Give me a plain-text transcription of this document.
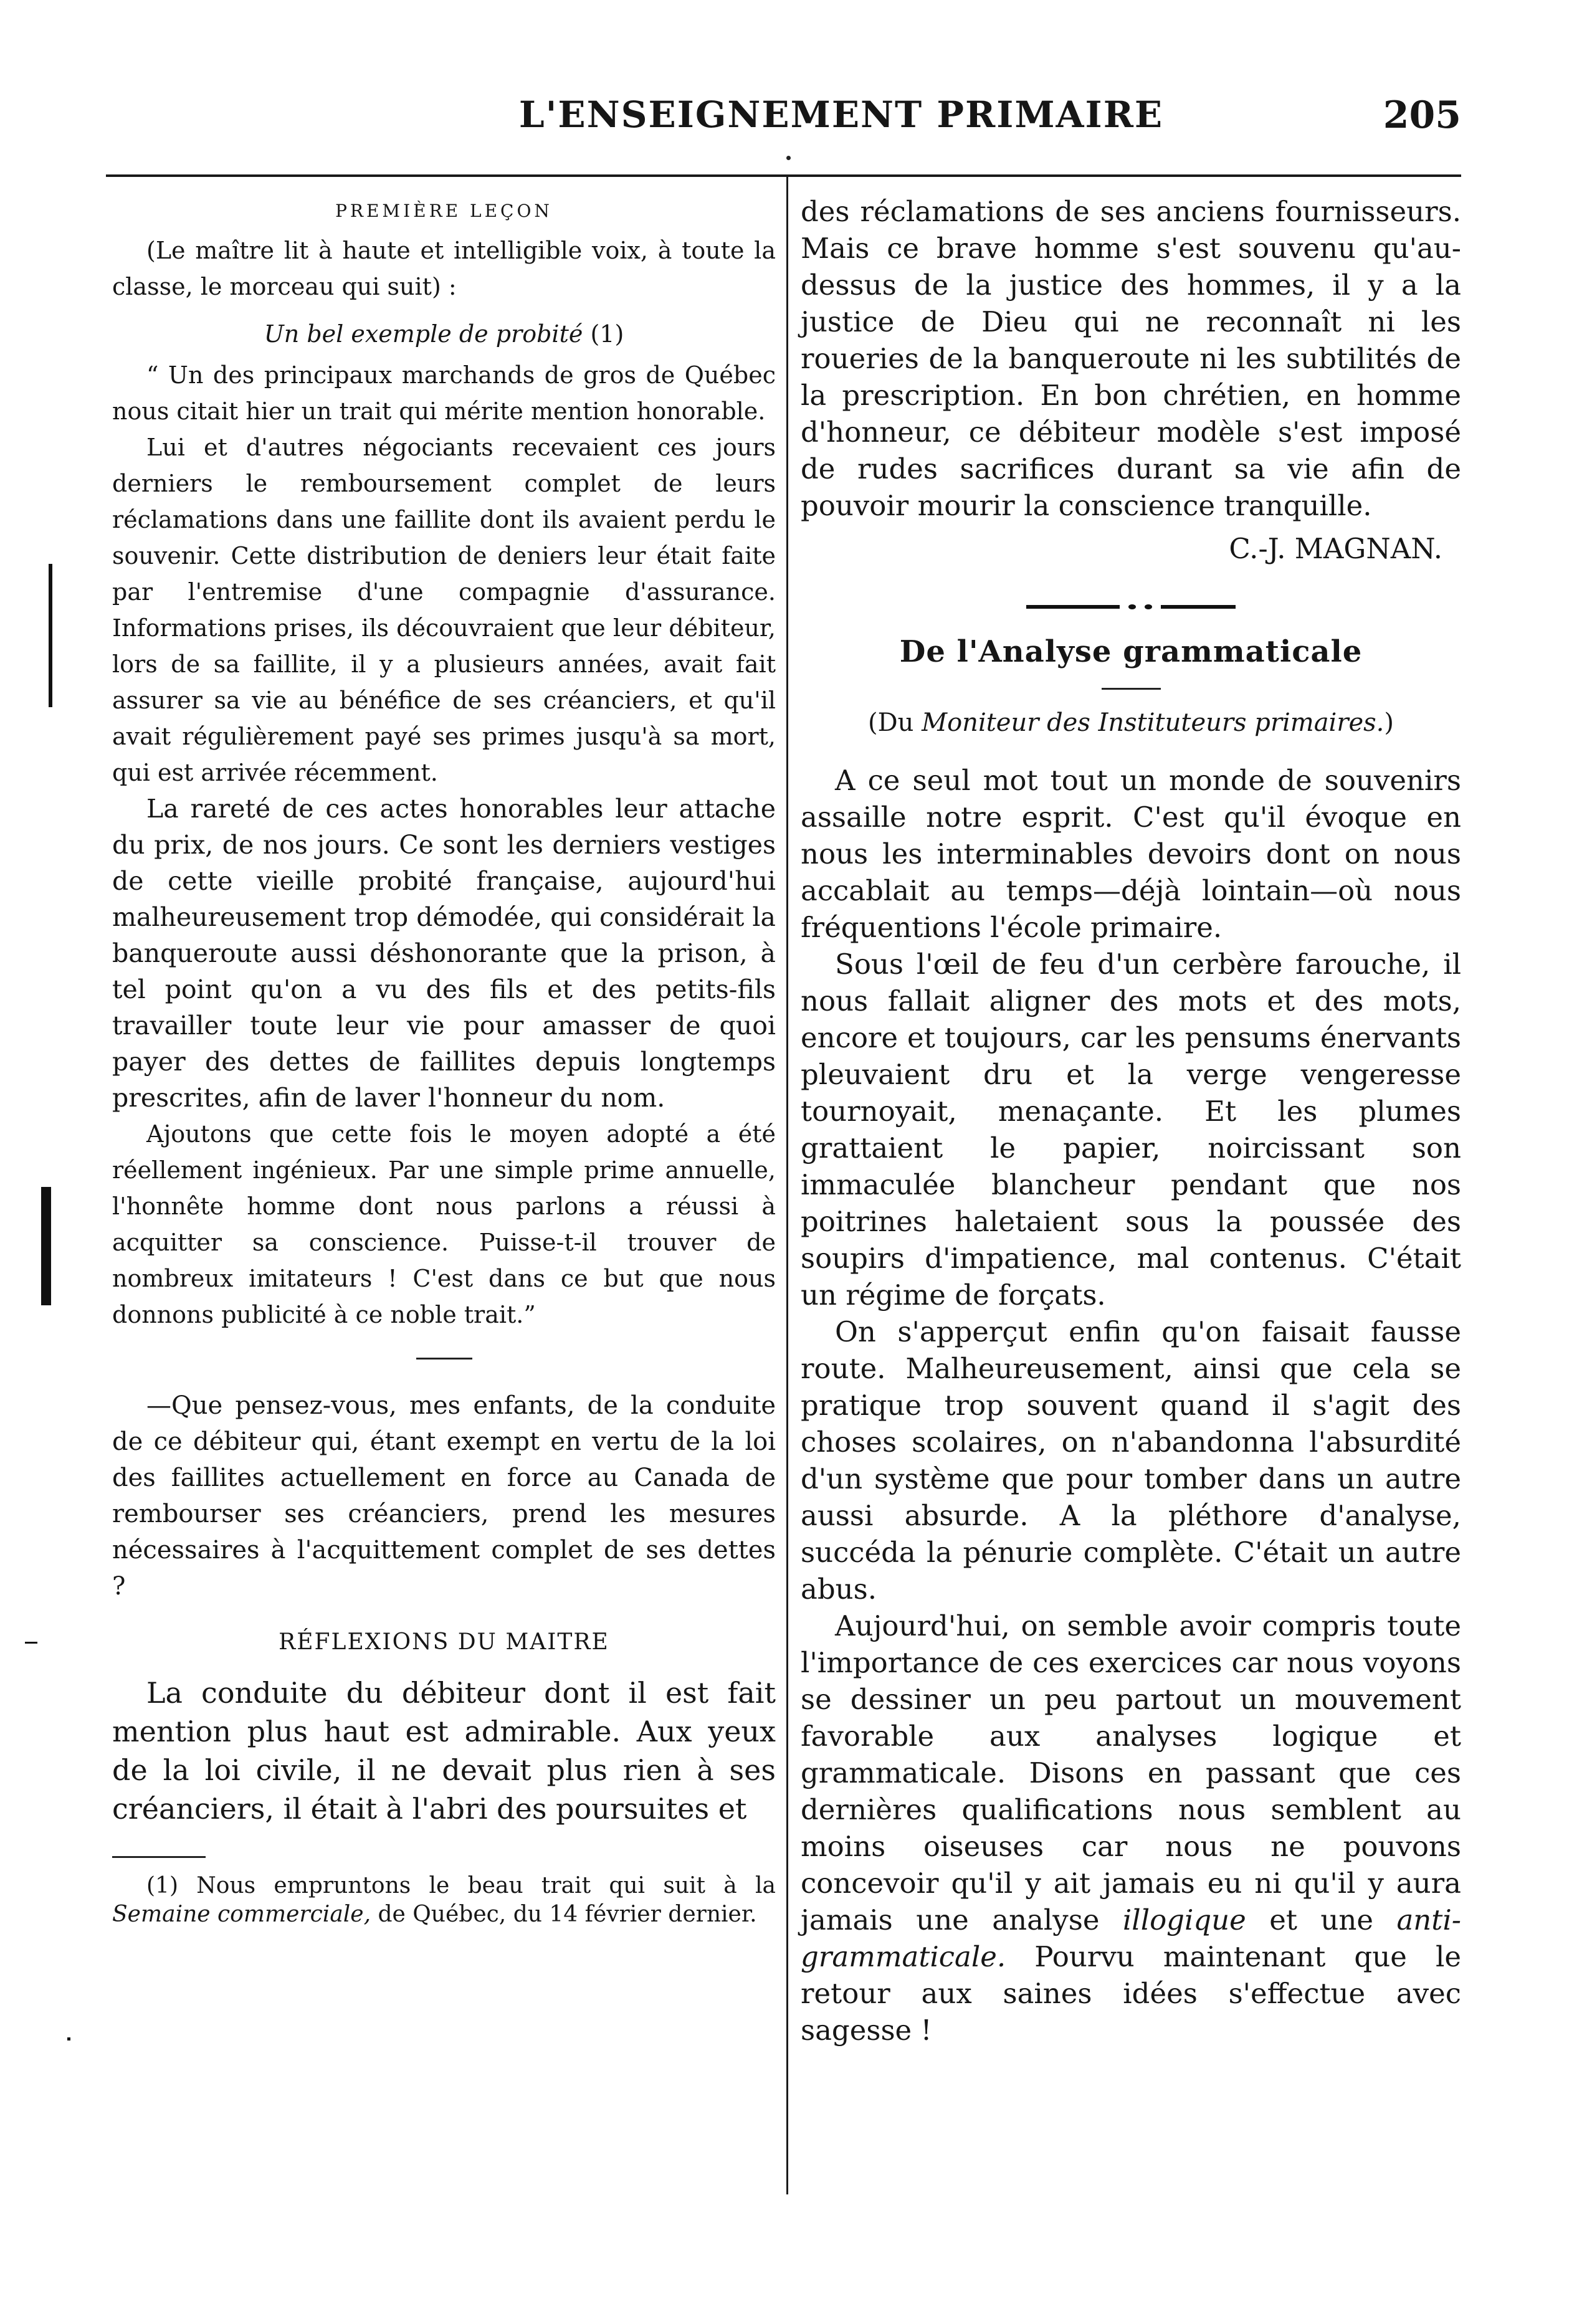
L'ENSEIGNEMENT PRIMAIRE	205
PREMIÈRE LEÇON

(Le maître lit à haute et intelligible voix, à toute la classe, le morceau qui suit) :

Un bel exemple de probité (1)

“ Un des principaux marchands de gros de Québec nous citait hier un trait qui mérite mention honorable.

Lui et d'autres négociants recevaient ces jours derniers le remboursement complet de leurs réclamations dans une faillite dont ils avaient perdu le souvenir. Cette distribution de deniers leur était faite par l'entremise d'une compagnie d'assurance. Informations prises, ils découvraient que leur débiteur, lors de sa faillite, il y a plusieurs années, avait fait assurer sa vie au bénéfice de ses créanciers, et qu'il avait régulièrement payé ses primes jusqu'à sa mort, qui est arrivée récemment.

La rareté de ces actes honorables leur attache du prix, de nos jours. Ce sont les derniers vestiges de cette vieille probité française, aujourd'hui malheureusement trop démodée, qui considérait la banqueroute aussi déshonorante que la prison, à tel point qu'on a vu des fils et des petits-fils travailler toute leur vie pour amasser de quoi payer des dettes de faillites depuis longtemps prescrites, afin de laver l'honneur du nom.

Ajoutons que cette fois le moyen adopté a été réellement ingénieux. Par une simple prime annuelle, l'honnête homme dont nous parlons a réussi à acquitter sa conscience. Puisse-t-il trouver de nombreux imitateurs ! C'est dans ce but que nous donnons publicité à ce noble trait.”

—Que pensez-vous, mes enfants, de la conduite de ce débiteur qui, étant exempt en vertu de la loi des faillites actuellement en force au Canada de rembourser ses créanciers, prend les mesures nécessaires à l'acquittement complet de ses dettes ?

RÉFLEXIONS DU MAITRE

La conduite du débiteur dont il est fait mention plus haut est admirable. Aux yeux de la loi civile, il ne devait plus rien à ses créanciers, il était à l'abri des poursuites et

(1) Nous empruntons le beau trait qui suit à la Semaine commerciale, de Québec, du 14 février dernier.

des réclamations de ses anciens fournisseurs. Mais ce brave homme s'est souvenu qu'au-dessus de la justice des hommes, il y a la justice de Dieu qui ne reconnaît ni les roueries de la banqueroute ni les subtilités de la prescription. En bon chrétien, en homme d'honneur, ce débiteur modèle s'est imposé de rudes sacrifices durant sa vie afin de pouvoir mourir la conscience tranquille.

C.-J. MAGNAN.
De l'Analyse grammaticale
(Du Moniteur des Instituteurs primaires.)

A ce seul mot tout un monde de souvenirs assaille notre esprit. C'est qu'il évoque en nous les interminables devoirs dont on nous accablait au temps—déjà lointain—où nous fréquentions l'école primaire.

Sous l'œil de feu d'un cerbère farouche, il nous fallait aligner des mots et des mots, encore et toujours, car les pensums énervants pleuvaient dru et la verge vengeresse tournoyait, menaçante. Et les plumes grattaient le papier, noircissant son immaculée blancheur pendant que nos poitrines haletaient sous la poussée des soupirs d'impatience, mal contenus. C'était un régime de forçats.

On s'apperçut enfin qu'on faisait fausse route. Malheureusement, ainsi que cela se pratique trop souvent quand il s'agit des choses scolaires, on n'abandonna l'absurdité d'un système que pour tomber dans un autre aussi absurde. A la pléthore d'analyse, succéda la pénurie complète. C'était un autre abus.

Aujourd'hui, on semble avoir compris toute l'importance de ces exercices car nous voyons se dessiner un peu partout un mouvement favorable aux analyses logique et grammaticale. Disons en passant que ces dernières qualifications nous semblent au moins oiseuses car nous ne pouvons concevoir qu'il y ait jamais eu ni qu'il y aura jamais une analyse illogique et une anti-grammaticale. Pourvu maintenant que le retour aux saines idées s'effectue avec sagesse !
